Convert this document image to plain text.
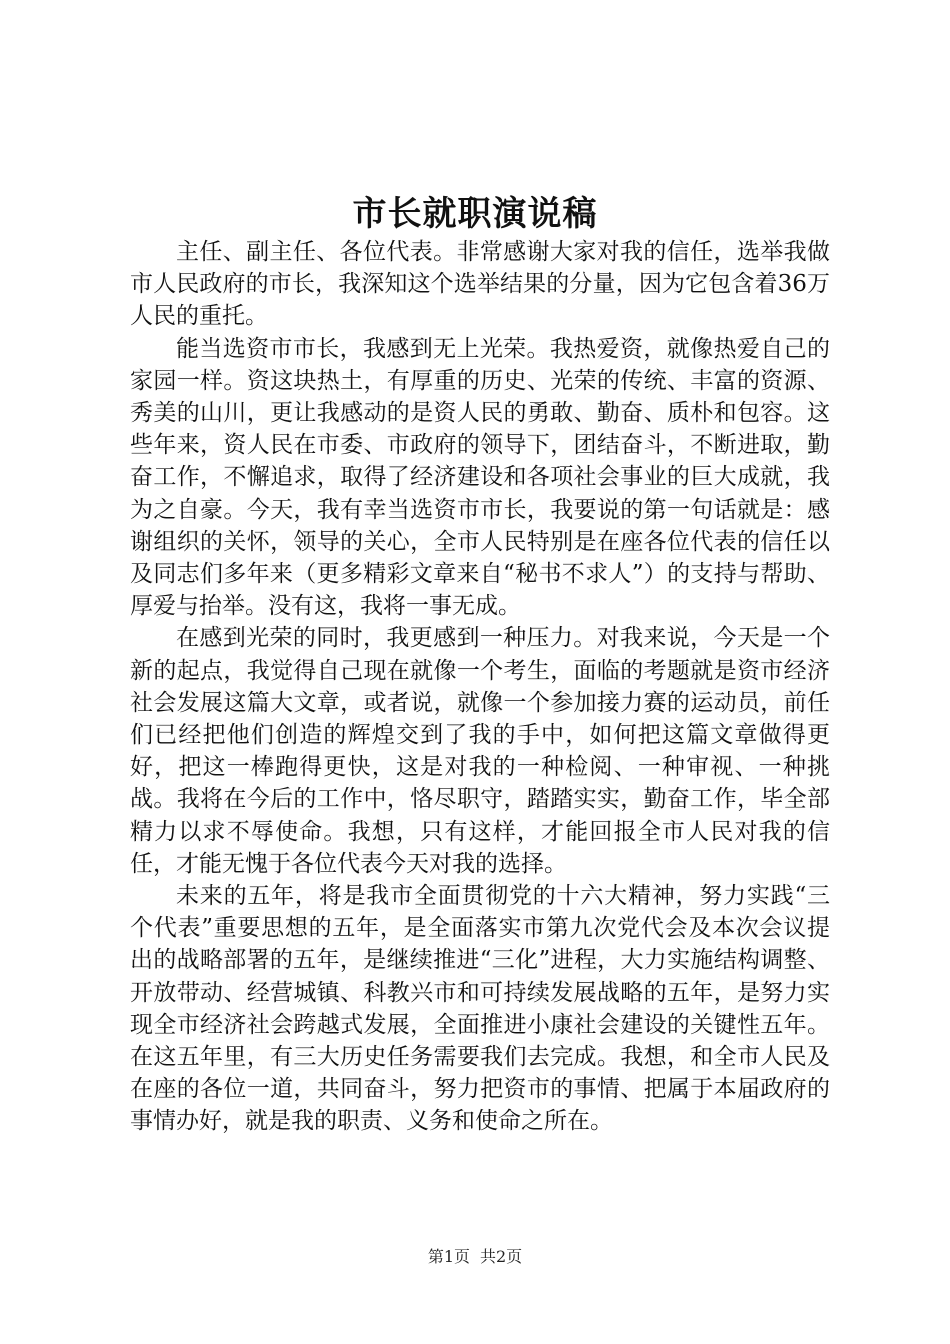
市长就职演说稿

主任、副主任、各位代表。非常感谢大家对我的信任，选举我做市人民政府的市长，我深知这个选举结果的分量，因为它包含着36万人民的重托。

能当选资市市长，我感到无上光荣。我热爱资，就像热爱自己的家园一样。资这块热土，有厚重的历史、光荣的传统、丰富的资源、秀美的山川，更让我感动的是资人民的勇敢、勤奋、质朴和包容。这些年来，资人民在市委、市政府的领导下，团结奋斗，不断进取，勤奋工作，不懈追求，取得了经济建设和各项社会事业的巨大成就，我为之自豪。今天，我有幸当选资市市长，我要说的第一句话就是：感谢组织的关怀，领导的关心，全市人民特别是在座各位代表的信任以及同志们多年来（更多精彩文章来自“秘书不求人”）的支持与帮助、厚爱与抬举。没有这，我将一事无成。

在感到光荣的同时，我更感到一种压力。对我来说，今天是一个新的起点，我觉得自己现在就像一个考生，面临的考题就是资市经济社会发展这篇大文章，或者说，就像一个参加接力赛的运动员，前任们已经把他们创造的辉煌交到了我的手中，如何把这篇文章做得更好，把这一棒跑得更快，这是对我的一种检阅、一种审视、一种挑战。我将在今后的工作中，恪尽职守，踏踏实实，勤奋工作，毕全部精力以求不辱使命。我想，只有这样，才能回报全市人民对我的信任，才能无愧于各位代表今天对我的选择。

未来的五年，将是我市全面贯彻党的十六大精神，努力实践“三个代表”重要思想的五年，是全面落实市第九次党代会及本次会议提出的战略部署的五年，是继续推进“三化”进程，大力实施结构调整、开放带动、经营城镇、科教兴市和可持续发展战略的五年，是努力实现全市经济社会跨越式发展，全面推进小康社会建设的关键性五年。在这五年里，有三大历史任务需要我们去完成。我想，和全市人民及在座的各位一道，共同奋斗，努力把资市的事情、把属于本届政府的事情办好，就是我的职责、义务和使命之所在。

第1页 共2页
